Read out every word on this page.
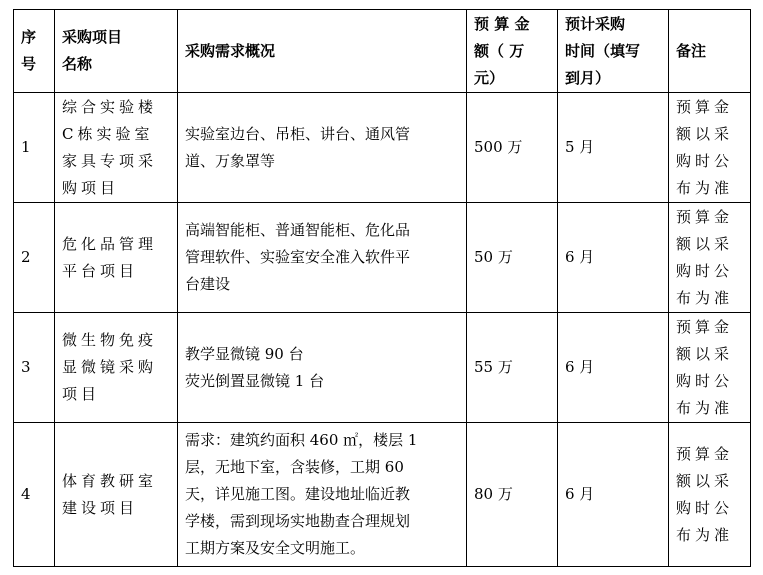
序
号	采购项目
名称	采购需求概况	预 算 金
额（ 万
元）	预计采购
时间（填写
到月）	备注

1	综合实验楼
C栋实验室
家具专项采
购项目	实验室边台、吊柜、讲台、通风管
道、万象罩等	500 万	5 月	预算金
额以采
购时公
布为准

2	危化品管理
平台项目	高端智能柜、普通智能柜、危化品
管理软件、实验室安全准入软件平
台建设	50 万	6 月	预算金
额以采
购时公
布为准

3	微生物免疫
显微镜采购
项目	教学显微镜 90 台
荧光倒置显微镜 1 台	55 万	6 月	预算金
额以采
购时公
布为准

4	体育教研室
建设项目	需求：建筑约面积 460 ㎡，楼层 1
层，无地下室，含装修，工期 60
天，详见施工图。建设地址临近教
学楼，需到现场实地勘查合理规划
工期方案及安全文明施工。	80 万	6 月	预算金
额以采
购时公
布为准
